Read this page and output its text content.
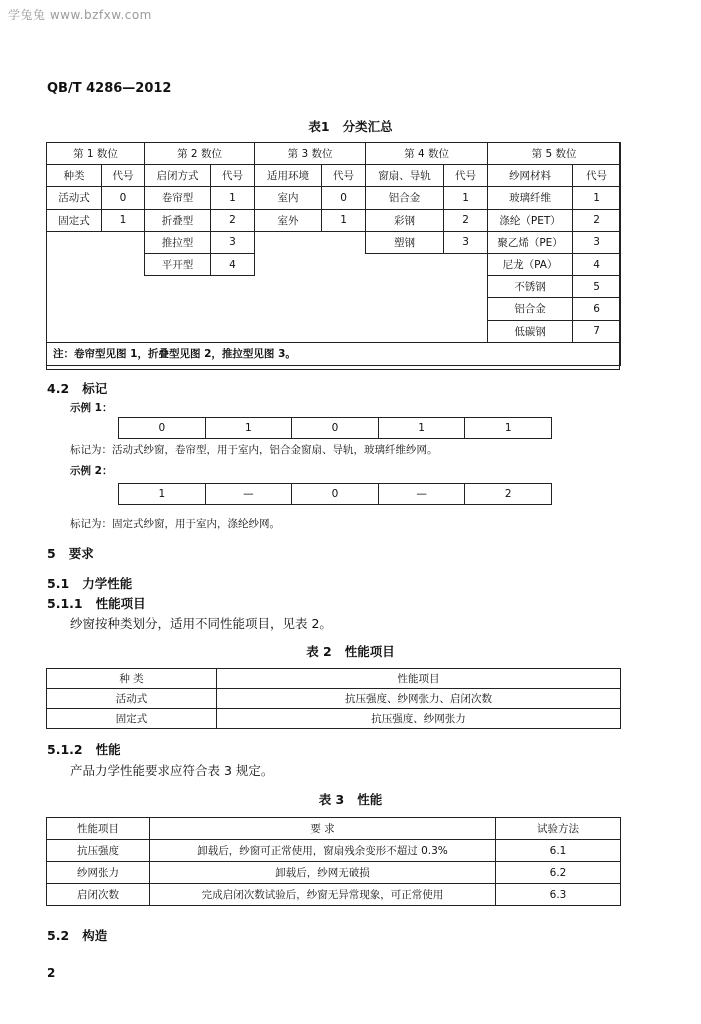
学兔兔 www.bzfxw.com
QB/T 4286—2012
表1   分类汇总
第 1 数位		第 2 数位		第 3 数位		第 4 数位		第 5 数位	
种类	代号	启闭方式	代号	适用环境	代号	窗扇、导轨	代号	纱网材料	代号
活动式	0	卷帘型	1	室内	0	铝合金	1	玻璃纤维	1
固定式	1	折叠型	2	室外	1	彩钢	2	涤纶（PET）	2
		推拉型	3			塑钢	3	聚乙烯（PE）	3
		平开型	4					尼龙（PA）	4
								不锈钢	5
								铝合金	6
								低碳钢	7
注：卷帘型见图 1，折叠型见图 2，推拉型见图 3。									
4.2   标记
示例 1：
0	1	0	1	1
标记为：活动式纱窗，卷帘型，用于室内，铝合金窗扇、导轨，玻璃纤维纱网。
示例 2：
1	—	0	—	2
标记为：固定式纱窗，用于室内，涤纶纱网。
5   要求
5.1   力学性能
5.1.1   性能项目
纱窗按种类划分，适用不同性能项目，见表 2。
表 2   性能项目
种 类	性能项目
活动式	抗压强度、纱网张力、启闭次数
固定式	抗压强度、纱网张力
5.1.2   性能
产品力学性能要求应符合表 3 规定。
表 3   性能
性能项目	要 求	试验方法
抗压强度	卸载后，纱窗可正常使用，窗扇残余变形不超过 0.3%	6.1
纱网张力	卸载后，纱网无破损	6.2
启闭次数	完成启闭次数试验后，纱窗无异常现象，可正常使用	6.3
5.2   构造
2
